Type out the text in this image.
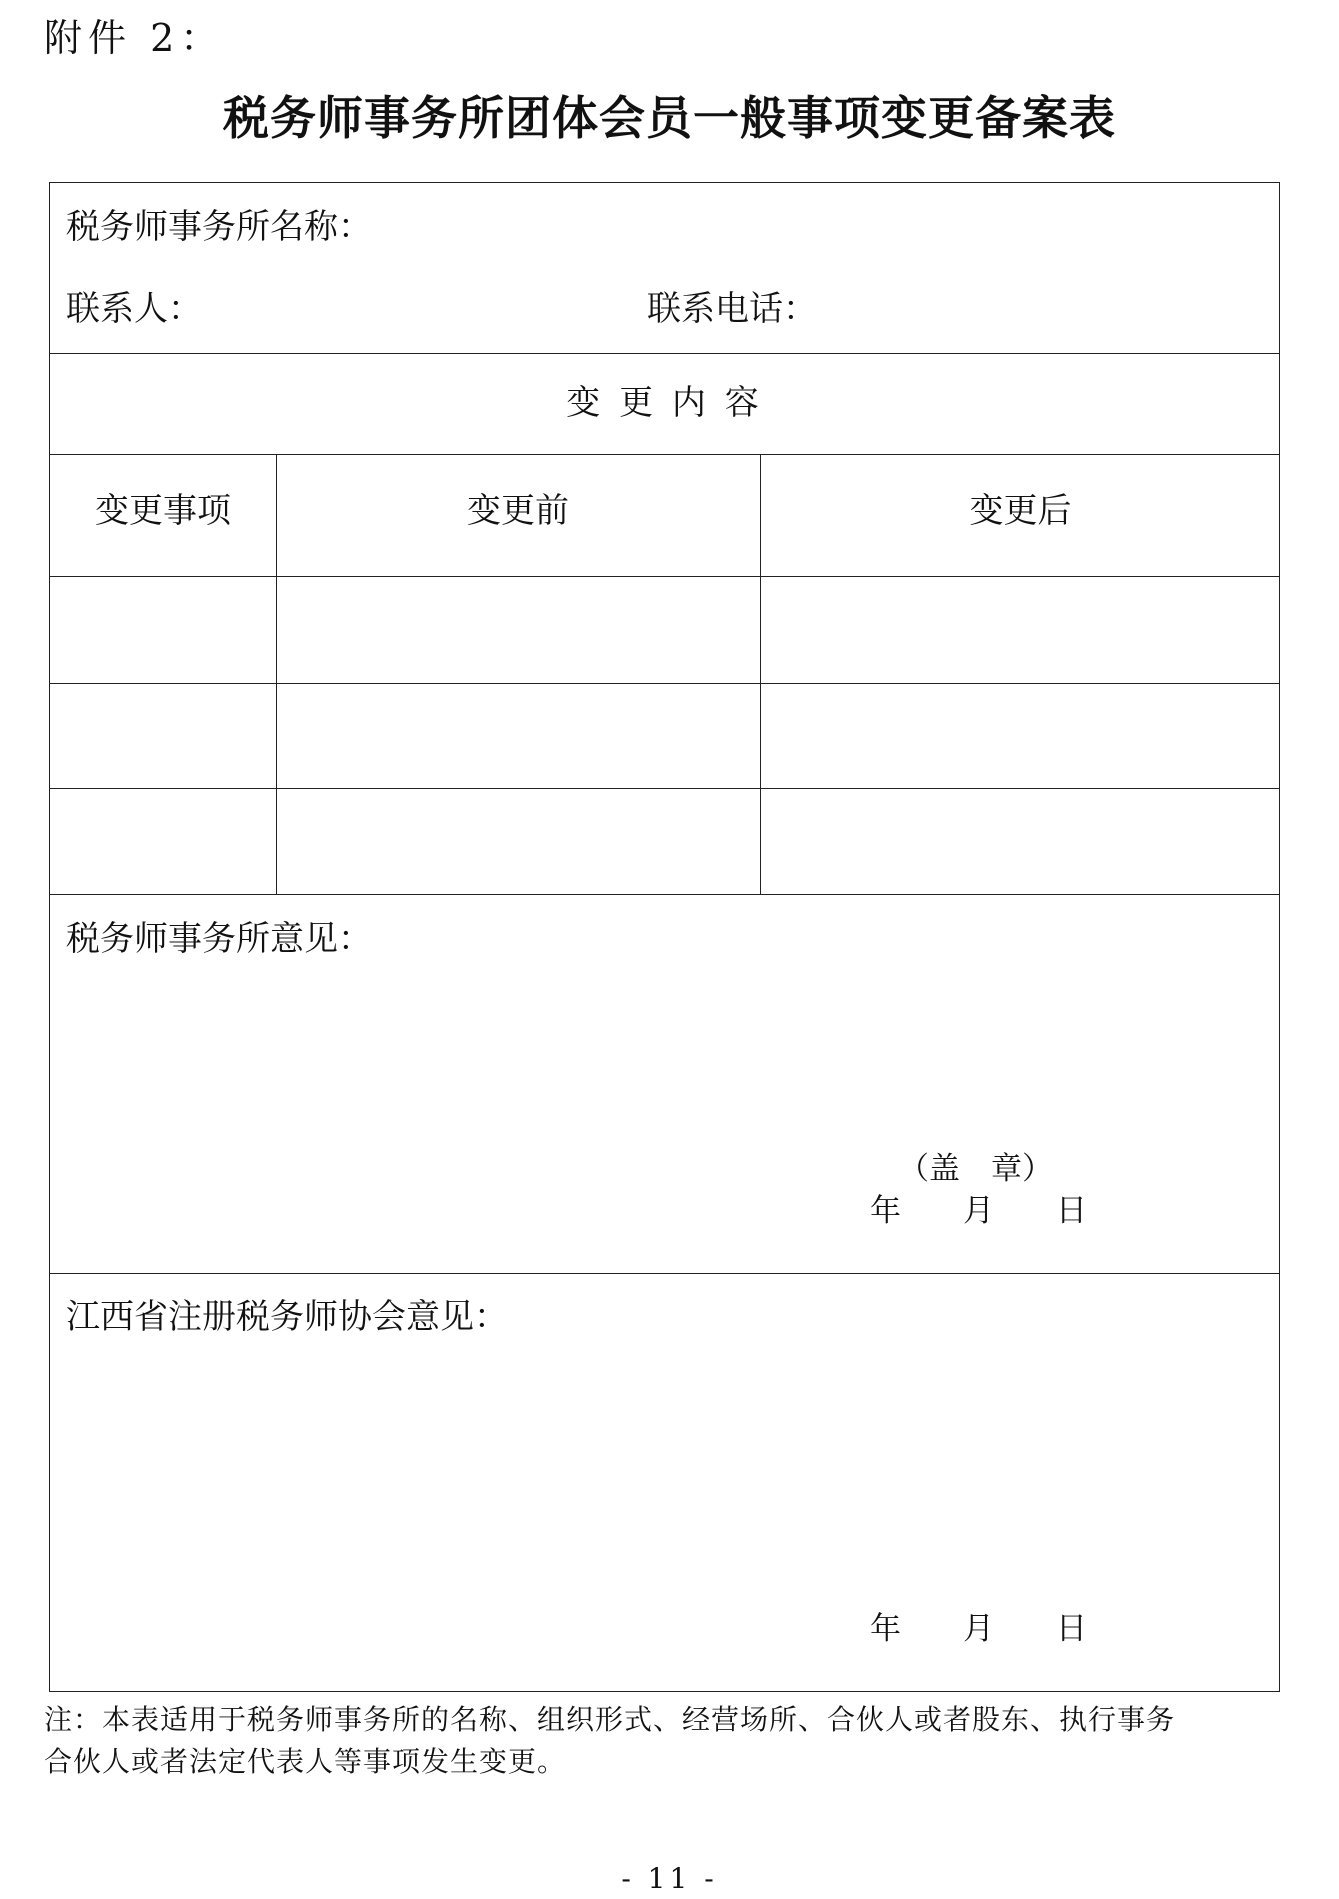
附件 2：
税务师事务所团体会员一般事项变更备案表
税务师事务所名称：
联系人：	联系电话：
变 更 内 容
变更事项	变更前	变更后
税务师事务所意见：
（盖　章）
年　　月　　日
江西省注册税务师协会意见：
年　　月　　日
注：本表适用于税务师事务所的名称、组织形式、经营场所、合伙人或者股东、执行事务
合伙人或者法定代表人等事项发生变更。
- 11 -
